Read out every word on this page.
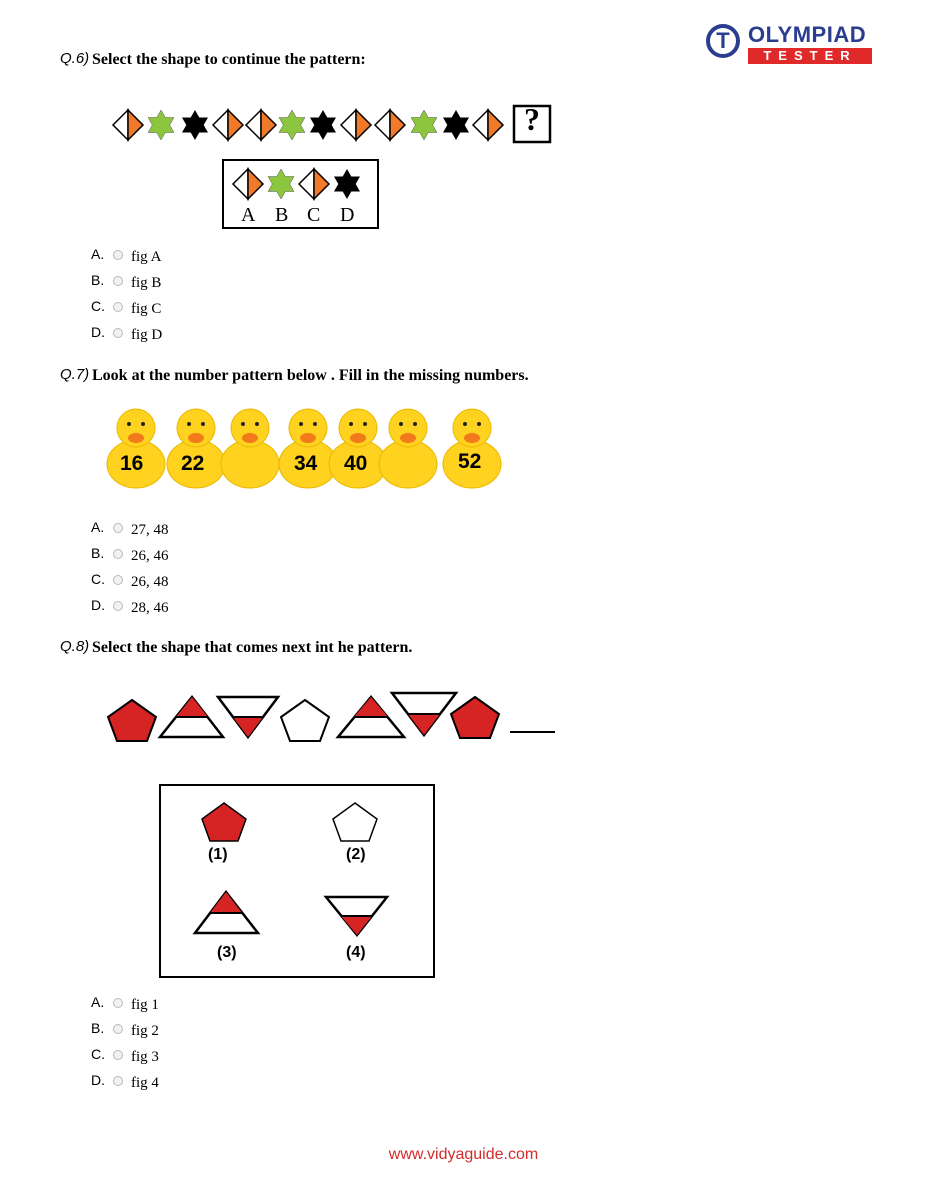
T OLYMPIAD
TESTER
Q.6) Select the shape to continue the pattern:
?
A B C D
A. fig A
B. fig B
C. fig C
D. fig D
Q.7) Look at the number pattern below . Fill in the missing numbers.
16 22	34 40	52
A. 27, 48
B. 26, 46
C. 26, 48
D. 28, 46
Q.8) Select the shape that comes next int he pattern.
(1)	(2)
(3)	(4)
A. fig 1
B. fig 2
C. fig 3
D. fig 4
www.vidyaguide.com
